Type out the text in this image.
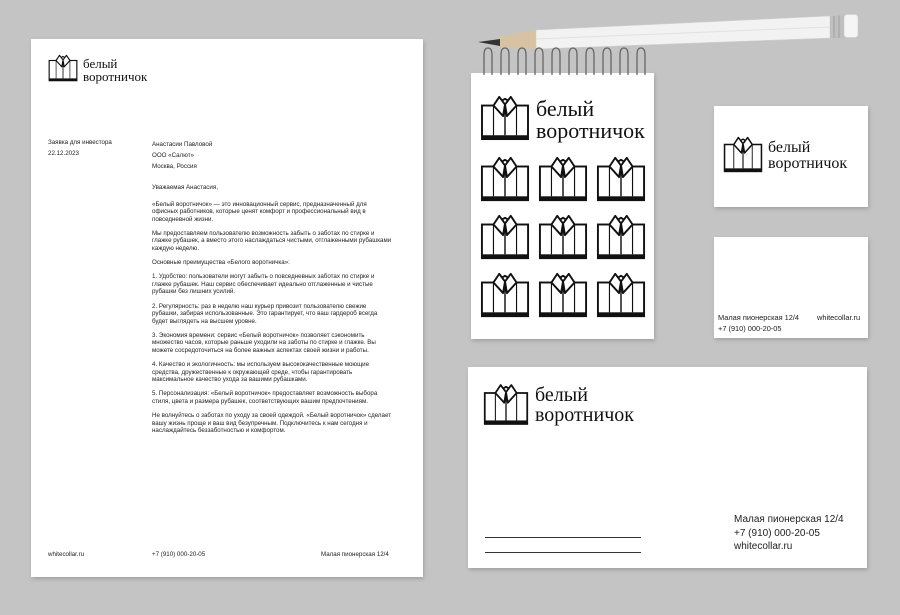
белый
воротничок
Заявка для инвестора
22.12.2023
Анастасии Павловой
ООО «Салют»
Москва, Россия

Уважаемая Анастасия,

«Белый воротничок» — это инновационный сервис, предназначенный для офисных работников, которые ценят комфорт и профессиональный вид в повседневной жизни.

Мы предоставляем пользователю возможность забыть о заботах по стирке и глажке рубашек, а вместо этого наслаждаться чистыми, отглаженными рубашками каждую неделю.

Основные преимущества «Белого воротничка»:

1. Удобство: пользователи могут забыть о повседневных заботах по стирке и глажке рубашек. Наш сервис обеспечивает идеально отглаженные и чистые рубашки без лишних усилий.

2. Регулярность: раз в неделю наш курьер привозит пользователю свежие рубашки, забирая использованные. Это гарантирует, что ваш гардероб всегда будет выглядеть на высшем уровне.

3. Экономия времени: сервис «Белый воротничок» позволяет сэкономить множество часов, которые раньше уходили на заботы по стирке и глажке. Вы можете сосредоточиться на более важных аспектах своей жизни и работы.

4. Качество и экологичность: мы используем высококачественные моющие средства, дружественные к окружающей среде, чтобы гарантировать максимальное качество ухода за вашими рубашками.

5. Персонализация: «Белый воротничок» предоставляет возможность выбора стиля, цвета и размера рубашек, соответствующих вашим предпочтениям.

Не волнуйтесь о заботах по уходу за своей одеждой. «Белый воротничок» сделает вашу жизнь проще и ваш вид безупречным. Подключитесь к нам сегодня и наслаждайтесь беззаботностью и комфортом.

whitecollar.ru	+7 (910) 000-20-05	Малая пионерская 12/4
белый
воротничок
белый
воротничок
Малая пионерская 12/4
+7 (910) 000-20-05
whitecollar.ru
белый
воротничок
Малая пионерская 12/4
+7 (910) 000-20-05
whitecollar.ru
